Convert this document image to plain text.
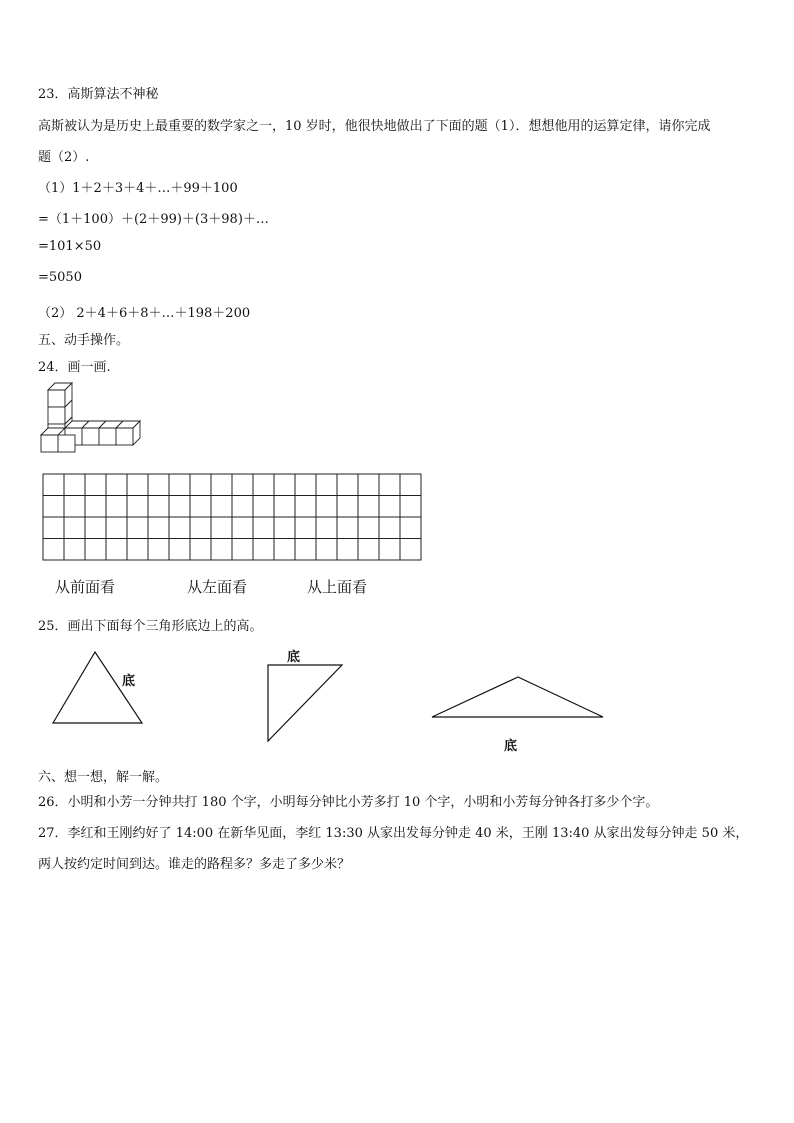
23．高斯算法不神秘
高斯被认为是历史上最重要的数学家之一，10 岁时，他很快地做出了下面的题（1）．想想他用的运算定律，请你完成
题（2）.
（1）1＋2＋3＋4＋…＋99＋100
=（1＋100）＋(2＋99)＋(3＋98)＋…
=101×50
=5050
（2） 2＋4＋6＋8＋…＋198＋200
五、动手操作。
24．画一画.
从前面看	从左面看	从上面看
25．画出下面每个三角形底边上的高。
底
底
底
六、想一想，解一解。
26．小明和小芳一分钟共打 180 个字，小明每分钟比小芳多打 10 个字，小明和小芳每分钟各打多少个字。
27．李红和王刚约好了 14:00 在新华见面，李红 13:30 从家出发每分钟走 40 米，王刚 13:40 从家出发每分钟走 50 米，
两人按约定时间到达。谁走的路程多？多走了多少米？
